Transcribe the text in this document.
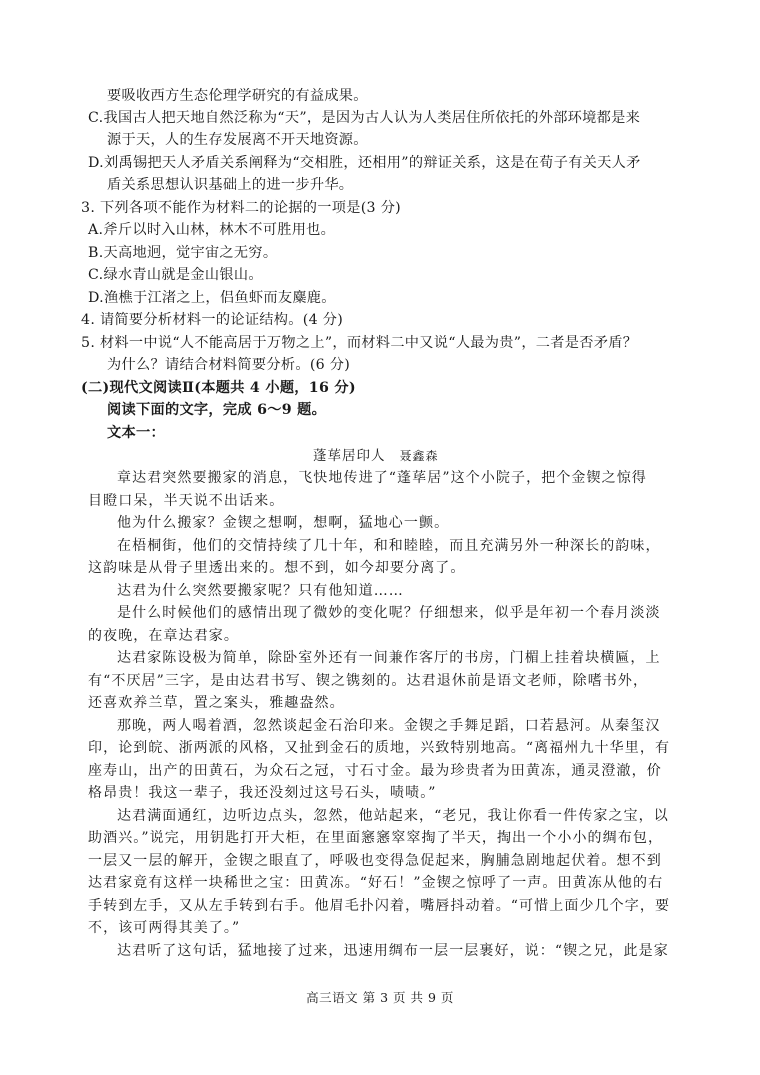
要吸收西方生态伦理学研究的有益成果。
C.我国古人把天地自然泛称为“天”，是因为古人认为人类居住所依托的外部环境都是来
源于天，人的生存发展离不开天地资源。
D.刘禹锡把天人矛盾关系阐释为“交相胜，还相用”的辩证关系，这是在荀子有关天人矛
盾关系思想认识基础上的进一步升华。
3. 下列各项不能作为材料二的论据的一项是(3 分)
A.斧斤以时入山林，林木不可胜用也。
B.天高地迥，觉宇宙之无穷。
C.绿水青山就是金山银山。
D.渔樵于江渚之上，侣鱼虾而友麋鹿。
4. 请简要分析材料一的论证结构。(4 分)
5. 材料一中说“人不能高居于万物之上”，而材料二中又说“人最为贵”，二者是否矛盾？
为什么？请结合材料简要分析。(6 分)
(二)现代文阅读Ⅱ(本题共 4 小题，16 分)
阅读下面的文字，完成 6～9 题。
文本一：
蓬荜居印人 聂鑫森
章达君突然要搬家的消息，飞快地传进了“蓬荜居”这个小院子，把个金锲之惊得
目瞪口呆，半天说不出话来。
他为什么搬家？金锲之想啊，想啊，猛地心一颤。
在梧桐街，他们的交情持续了几十年，和和睦睦，而且充满另外一种深长的韵味，
这韵味是从骨子里透出来的。想不到，如今却要分离了。
达君为什么突然要搬家呢？只有他知道……
是什么时候他们的感情出现了微妙的变化呢？仔细想来，似乎是年初一个春月淡淡
的夜晚，在章达君家。
达君家陈设极为简单，除卧室外还有一间兼作客厅的书房，门楣上挂着块横匾，上
有“不厌居”三字，是由达君书写、锲之镌刻的。达君退休前是语文老师，除嗜书外，
还喜欢养兰草，置之案头，雅趣盎然。
那晚，两人喝着酒，忽然谈起金石治印来。金锲之手舞足蹈，口若悬河。从秦玺汉
印，论到皖、浙两派的风格，又扯到金石的质地，兴致特别地高。“离福州九十华里，有
座寿山，出产的田黄石，为众石之冠，寸石寸金。最为珍贵者为田黄冻，通灵澄澈，价
格昂贵！我这一辈子，我还没刻过这号石头，啧啧。”
达君满面通红，边听边点头，忽然，他站起来，“老兄，我让你看一件传家之宝，以
助酒兴。”说完，用钥匙打开大柜，在里面窸窸窣窣掏了半天，掏出一个小小的绸布包，
一层又一层的解开，金锲之眼直了，呼吸也变得急促起来，胸脯急剧地起伏着。想不到
达君家竟有这样一块稀世之宝：田黄冻。“好石！”金锲之惊呼了一声。田黄冻从他的右
手转到左手，又从左手转到右手。他眉毛扑闪着，嘴唇抖动着。“可惜上面少几个字，要
不，该可两得其美了。”
达君听了这句话，猛地接了过来，迅速用绸布一层一层裹好，说：“锲之兄，此是家
高三语文 第 3 页 共 9 页
